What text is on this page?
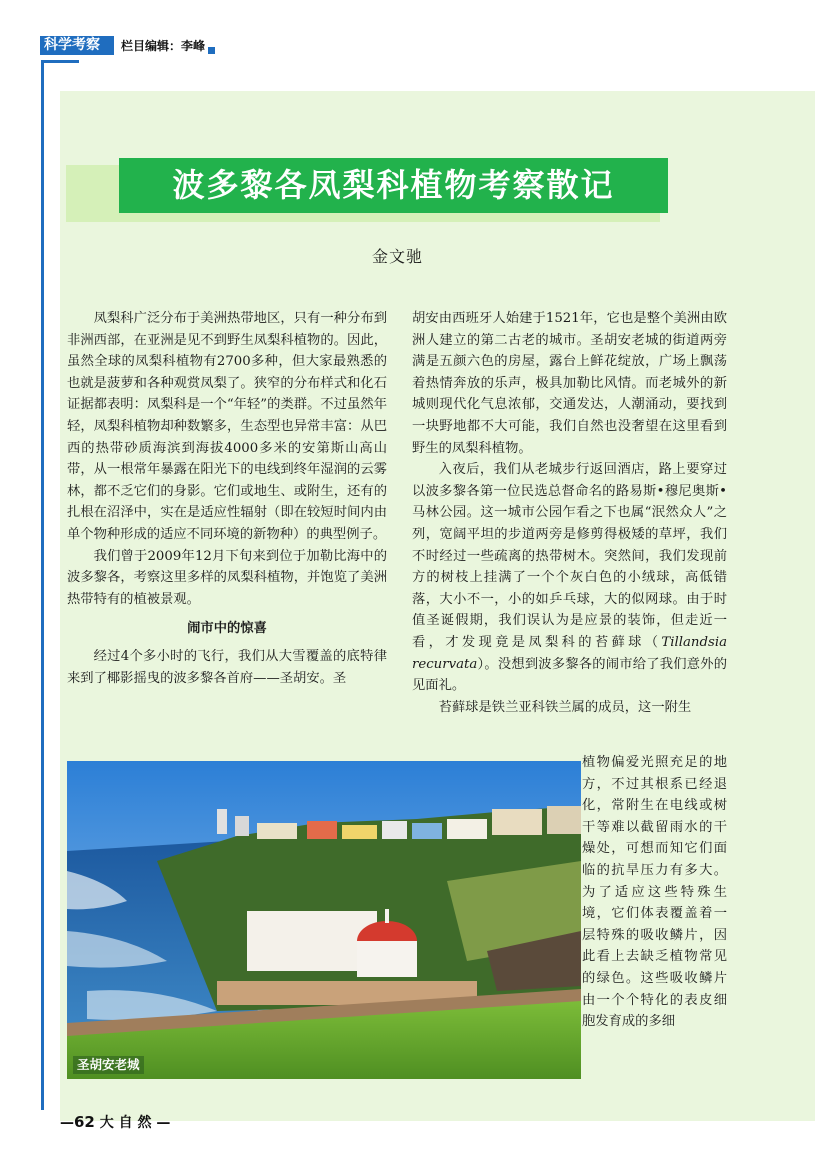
科学考察 栏目编辑：李峰
波多黎各凤梨科植物考察散记
金文驰

凤梨科广泛分布于美洲热带地区，只有一种分布到非洲西部，在亚洲是见不到野生凤梨科植物的。因此，虽然全球的凤梨科植物有2700多种，但大家最熟悉的也就是菠萝和各种观赏凤梨了。狭窄的分布样式和化石证据都表明：凤梨科是一个“年轻”的类群。不过虽然年轻，凤梨科植物却种数繁多，生态型也异常丰富：从巴西的热带砂质海滨到海拔4000多米的安第斯山高山带，从一根常年暴露在阳光下的电线到终年湿润的云雾林，都不乏它们的身影。它们或地生、或附生，还有的扎根在沼泽中，实在是适应性辐射（即在较短时间内由单个物种形成的适应不同环境的新物种）的典型例子。

我们曾于2009年12月下旬来到位于加勒比海中的波多黎各，考察这里多样的凤梨科植物，并饱览了美洲热带特有的植被景观。

闹市中的惊喜

经过4个多小时的飞行，我们从大雪覆盖的底特律来到了椰影摇曳的波多黎各首府——圣胡安。圣

胡安由西班牙人始建于1521年，它也是整个美洲由欧洲人建立的第二古老的城市。圣胡安老城的街道两旁满是五颜六色的房屋，露台上鲜花绽放，广场上飘荡着热情奔放的乐声，极具加勒比风情。而老城外的新城则现代化气息浓郁，交通发达，人潮涌动，要找到一块野地都不大可能，我们自然也没奢望在这里看到野生的凤梨科植物。

入夜后，我们从老城步行返回酒店，路上要穿过以波多黎各第一位民选总督命名的路易斯•穆尼奥斯•马林公园。这一城市公园乍看之下也属“泯然众人”之列，宽阔平坦的步道两旁是修剪得极矮的草坪，我们不时经过一些疏离的热带树木。突然间，我们发现前方的树枝上挂满了一个个灰白色的小绒球，高低错落，大小不一，小的如乒乓球，大的似网球。由于时值圣诞假期，我们误认为是应景的装饰，但走近一看，才发现竟是凤梨科的苔藓球（Tillandsia recurvata）。没想到波多黎各的闹市给了我们意外的见面礼。

苔藓球是铁兰亚科铁兰属的成员，这一附生

植物偏爱光照充足的地方，不过其根系已经退化，常附生在电线或树干等难以截留雨水的干燥处，可想而知它们面临的抗旱压力有多大。为了适应这些特殊生境，它们体表覆盖着一层特殊的吸收鳞片，因此看上去缺乏植物常见的绿色。这些吸收鳞片由一个个特化的表皮细胞发育成的多细

圣胡安老城
—62 大 自 然 —
